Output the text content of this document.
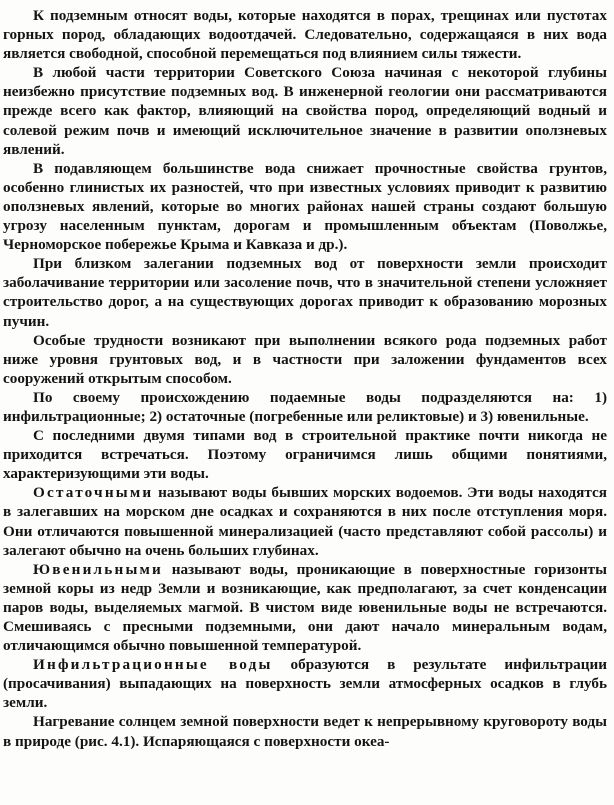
К подземным относят воды, которые находятся в порах, трещинах или пустотах горных пород, обладающих водоотдачей. Следовательно, содержащаяся в них вода является свободной, способной перемещаться под влиянием силы тяжести.

В любой части территории Советского Союза начиная с некоторой глубины неизбежно присутствие подземных вод. В инженерной геологии они рассматриваются прежде всего как фактор, влияющий на свойства пород, определяющий водный и солевой режим почв и имеющий исключительное значение в развитии оползневых явлений.

В подавляющем большинстве вода снижает прочностные свойства грунтов, особенно глинистых их разностей, что при известных условиях приводит к развитию оползневых явлений, которые во многих районах нашей страны создают большую угрозу населенным пунктам, дорогам и промышленным объектам (Поволжье, Черноморское побережье Крыма и Кавказа и др.).

При близком залегании подземных вод от поверхности земли происходит заболачивание территории или засоление почв, что в значительной степени усложняет строительство дорог, а на существующих дорогах приводит к образованию морозных пучин.

Особые трудности возникают при выполнении всякого рода подземных работ ниже уровня грунтовых вод, и в частности при заложении фундаментов всех сооружений открытым способом.

По своему происхождению подаемные воды подразделяются на: 1) инфильтрационные; 2) остаточные (погребенные или реликтовые) и 3) ювенильные.

С последними двумя типами вод в строительной практике почти никогда не приходится встречаться. Поэтому ограничимся лишь общими понятиями, характеризующими эти воды.

Остаточными называют воды бывших морских водоемов. Эти воды находятся в залегавших на морском дне осадках и сохраняются в них после отступления моря. Они отличаются повышенной минерализацией (часто представляют собой рассолы) и залегают обычно на очень больших глубинах.

Ювенильными называют воды, проникающие в поверхностные горизонты земной коры из недр Земли и возникающие, как предполагают, за счет конденсации паров воды, выделяемых магмой. В чистом виде ювенильные воды не встречаются. Смешиваясь с пресными подземными, они дают начало минеральным водам, отличающимся обычно повышенной температурой.

Инфильтрационные воды образуются в результате инфильтрации (просачивания) выпадающих на поверхность земли атмосферных осадков в глубь земли.

Нагревание солнцем земной поверхности ведет к непрерывному круговороту воды в природе (рис. 4.1). Испаряющаяся с поверхности океа-
